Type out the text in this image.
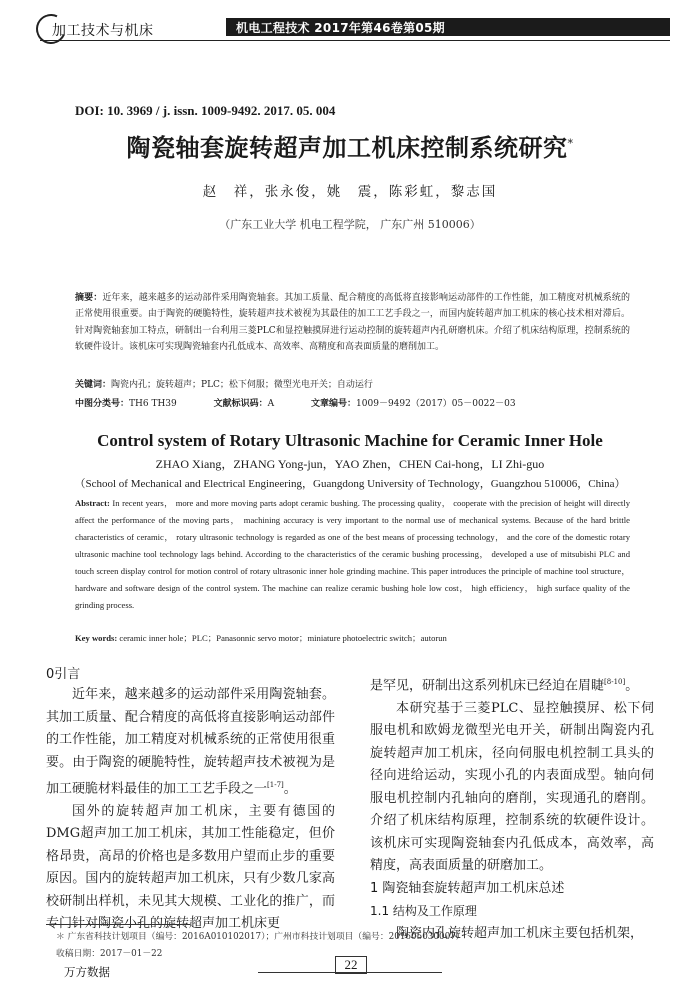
加工技术与机床	机电工程技术 2017年第46卷第05期
DOI: 10. 3969 / j. issn. 1009-9492. 2017. 05. 004
陶瓷轴套旋转超声加工机床控制系统研究*
赵　祥，张永俊，姚　震，陈彩虹，黎志国
（广东工业大学 机电工程学院， 广东广州 510006）
摘要：近年来，越来越多的运动部件采用陶瓷轴套。其加工质量、配合精度的高低将直接影响运动部件的工作性能，加工精度对机械系统的正常使用很重要。由于陶瓷的硬脆特性，旋转超声技术被视为其最佳的加工工艺手段之一，而国内旋转超声加工机床的核心技术相对滞后。针对陶瓷轴套加工特点，研制出一台利用三菱PLC和显控触摸屏进行运动控制的旋转超声内孔研磨机床。介绍了机床结构原理，控制系统的软硬件设计。该机床可实现陶瓷轴套内孔低成本、高效率、高精度和高表面质量的磨削加工。
关键词：陶瓷内孔；旋转超声；PLC；松下伺服；微型光电开关；自动运行
中图分类号：TH6 TH39	文献标识码：A	文章编号：1009－9492（2017）05－0022－03
Control system of Rotary Ultrasonic Machine for Ceramic Inner Hole
ZHAO Xiang，ZHANG Yong-jun，YAO Zhen，CHEN Cai-hong，LI Zhi-guo
（School of Mechanical and Electrical Engineering，Guangdong University of Technology，Guangzhou 510006，China）
Abstract: In recent years， more and more moving parts adopt ceramic bushing. The processing quality， cooperate with the precision of height will directly affect the performance of the moving parts， machining accuracy is very important to the normal use of mechanical systems. Because of the hard brittle characteristics of ceramic， rotary ultrasonic technology is regarded as one of the best means of processing technology， and the core of the domestic rotary ultrasonic machine tool technology lags behind. According to the characteristics of the ceramic bushing processing， developed a use of mitsubishi PLC and touch screen display control for motion control of rotary ultrasonic inner hole grinding machine. This paper introduces the principle of machine tool structure， hardware and software design of the control system. The machine can realize ceramic bushing hole low cost， high efficiency， high surface quality of the grinding process.
Key words: ceramic inner hole；PLC；Panasonnic servo motor；miniature photoelectric switch；autorun
0引言

近年来，越来越多的运动部件采用陶瓷轴套。其加工质量、配合精度的高低将直接影响运动部件的工作性能，加工精度对机械系统的正常使用很重要。由于陶瓷的硬脆特性，旋转超声技术被视为是加工硬脆材料最佳的加工工艺手段之一[1-7]。

国外的旋转超声加工机床，主要有德国的DMG超声加工加工机床，其加工性能稳定，但价格昂贵，高昂的价格也是多数用户望而止步的重要原因。国内的旋转超声加工机床，只有少数几家高校研制出样机，未见其大规模、工业化的推广，而专门针对陶瓷小孔的旋转超声加工机床更

是罕见，研制出这系列机床已经迫在眉睫[8-10]。

本研究基于三菱PLC、显控触摸屏、松下伺服电机和欧姆龙微型光电开关，研制出陶瓷内孔旋转超声加工机床，径向伺服电机控制工具头的径向进给运动，实现小孔的内表面成型。轴向伺服电机控制内孔轴向的磨削，实现通孔的磨削。介绍了机床结构原理，控制系统的软硬件设计。该机床可实现陶瓷轴套内孔低成本，高效率，高精度，高表面质量的研磨加工。

1 陶瓷轴套旋转超声加工机床总述

1.1 结构及工作原理

陶瓷内孔旋转超声加工机床主要包括机架，

＊ 广东省科技计划项目（编号：2016A010102017）；广州市科技计划项目（编号：201605030007）
收稿日期：2017－01－22
万方数据	22
